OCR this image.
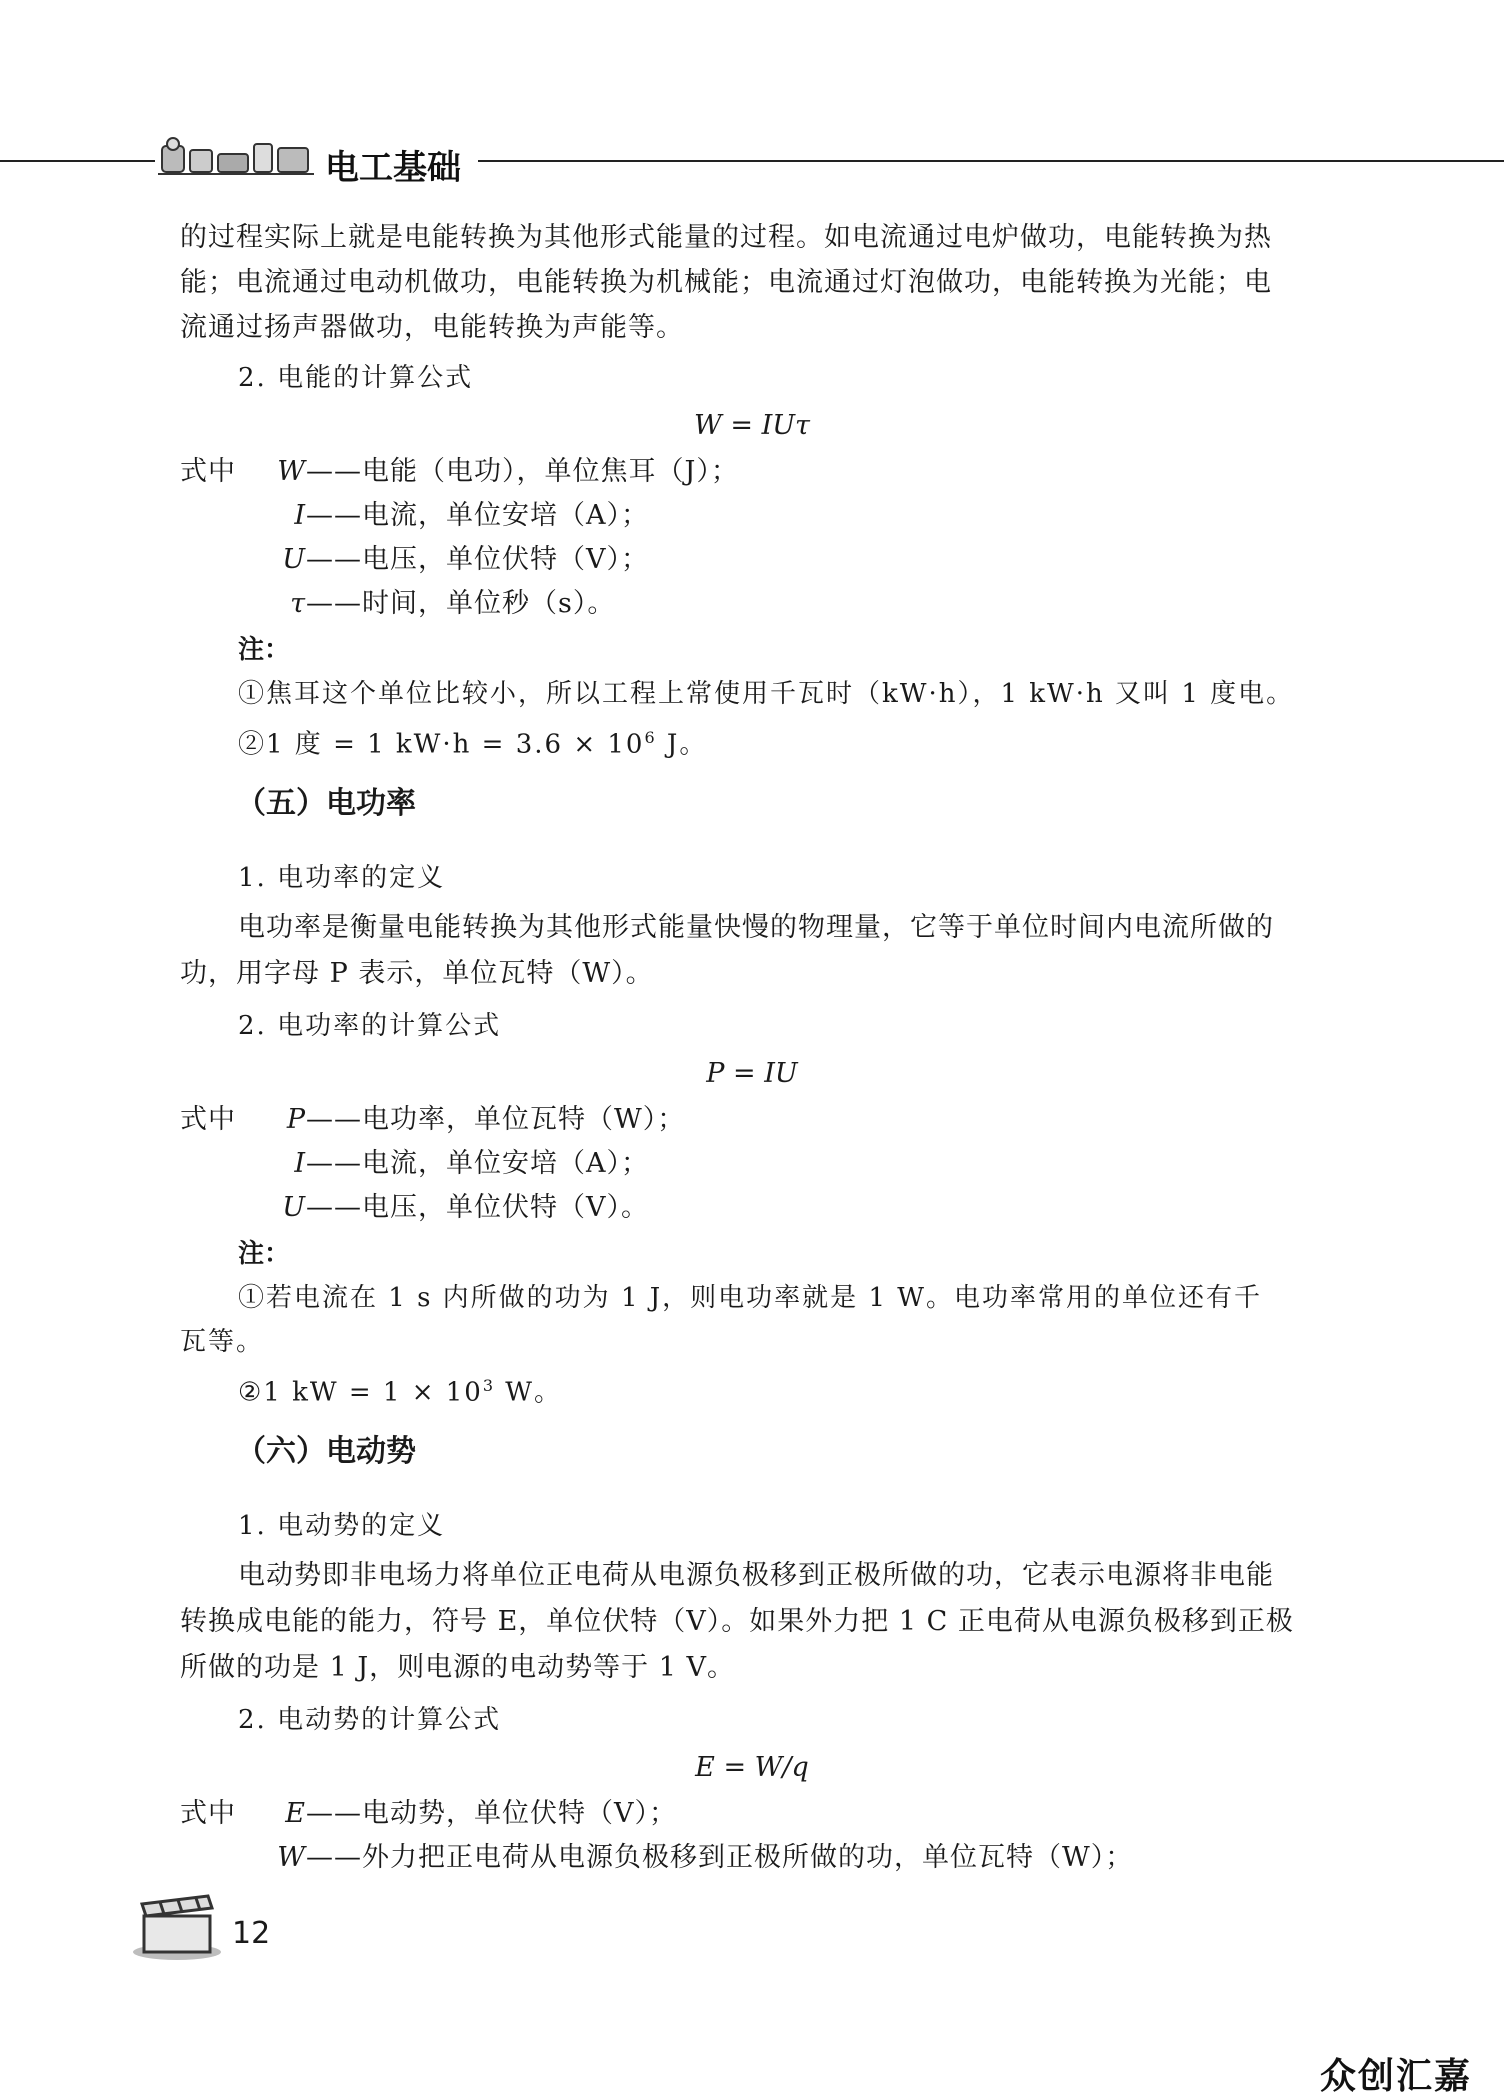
电工基础
的过程实际上就是电能转换为其他形式能量的过程。如电流通过电炉做功，电能转换为热
能；电流通过电动机做功，电能转换为机械能；电流通过灯泡做功，电能转换为光能；电
流通过扬声器做功，电能转换为声能等。
2. 电能的计算公式
W = IUτ
式中 W——电能（电功），单位焦耳（J）；
I——电流，单位安培（A）；
U——电压，单位伏特（V）；
τ——时间，单位秒（s）。
注：
①焦耳这个单位比较小，所以工程上常使用千瓦时（kW·h），1 kW·h 又叫 1 度电。
②1 度 = 1 $kW\cdot h = 3.6 \times 10^6$ J。
（五）电功率
1. 电功率的定义
电功率是衡量电能转换为其他形式能量快慢的物理量，它等于单位时间内电流所做的
功，用字母 P 表示，单位瓦特（W）。
2. 电功率的计算公式
P = IU
式中 P——电功率，单位瓦特（W）；
I——电流，单位安培（A）；
U——电压，单位伏特（V）。
注：
①若电流在 1 s 内所做的功为 1 J，则电功率就是 1 W。电功率常用的单位还有千
瓦等。
②1 kW = $1 \times 10^3$ W。
（六）电动势
1. 电动势的定义
电动势即非电场力将单位正电荷从电源负极移到正极所做的功，它表示电源将非电能
转换成电能的能力，符号 E，单位伏特（V）。如果外力把 1 C 正电荷从电源负极移到正极
所做的功是 1 J，则电源的电动势等于 1 V。
2. 电动势的计算公式
E = W/q
式中 E——电动势，单位伏特（V）；
W——外力把正电荷从电源负极移到正极所做的功，单位瓦特（W）；
12
众创汇嘉
